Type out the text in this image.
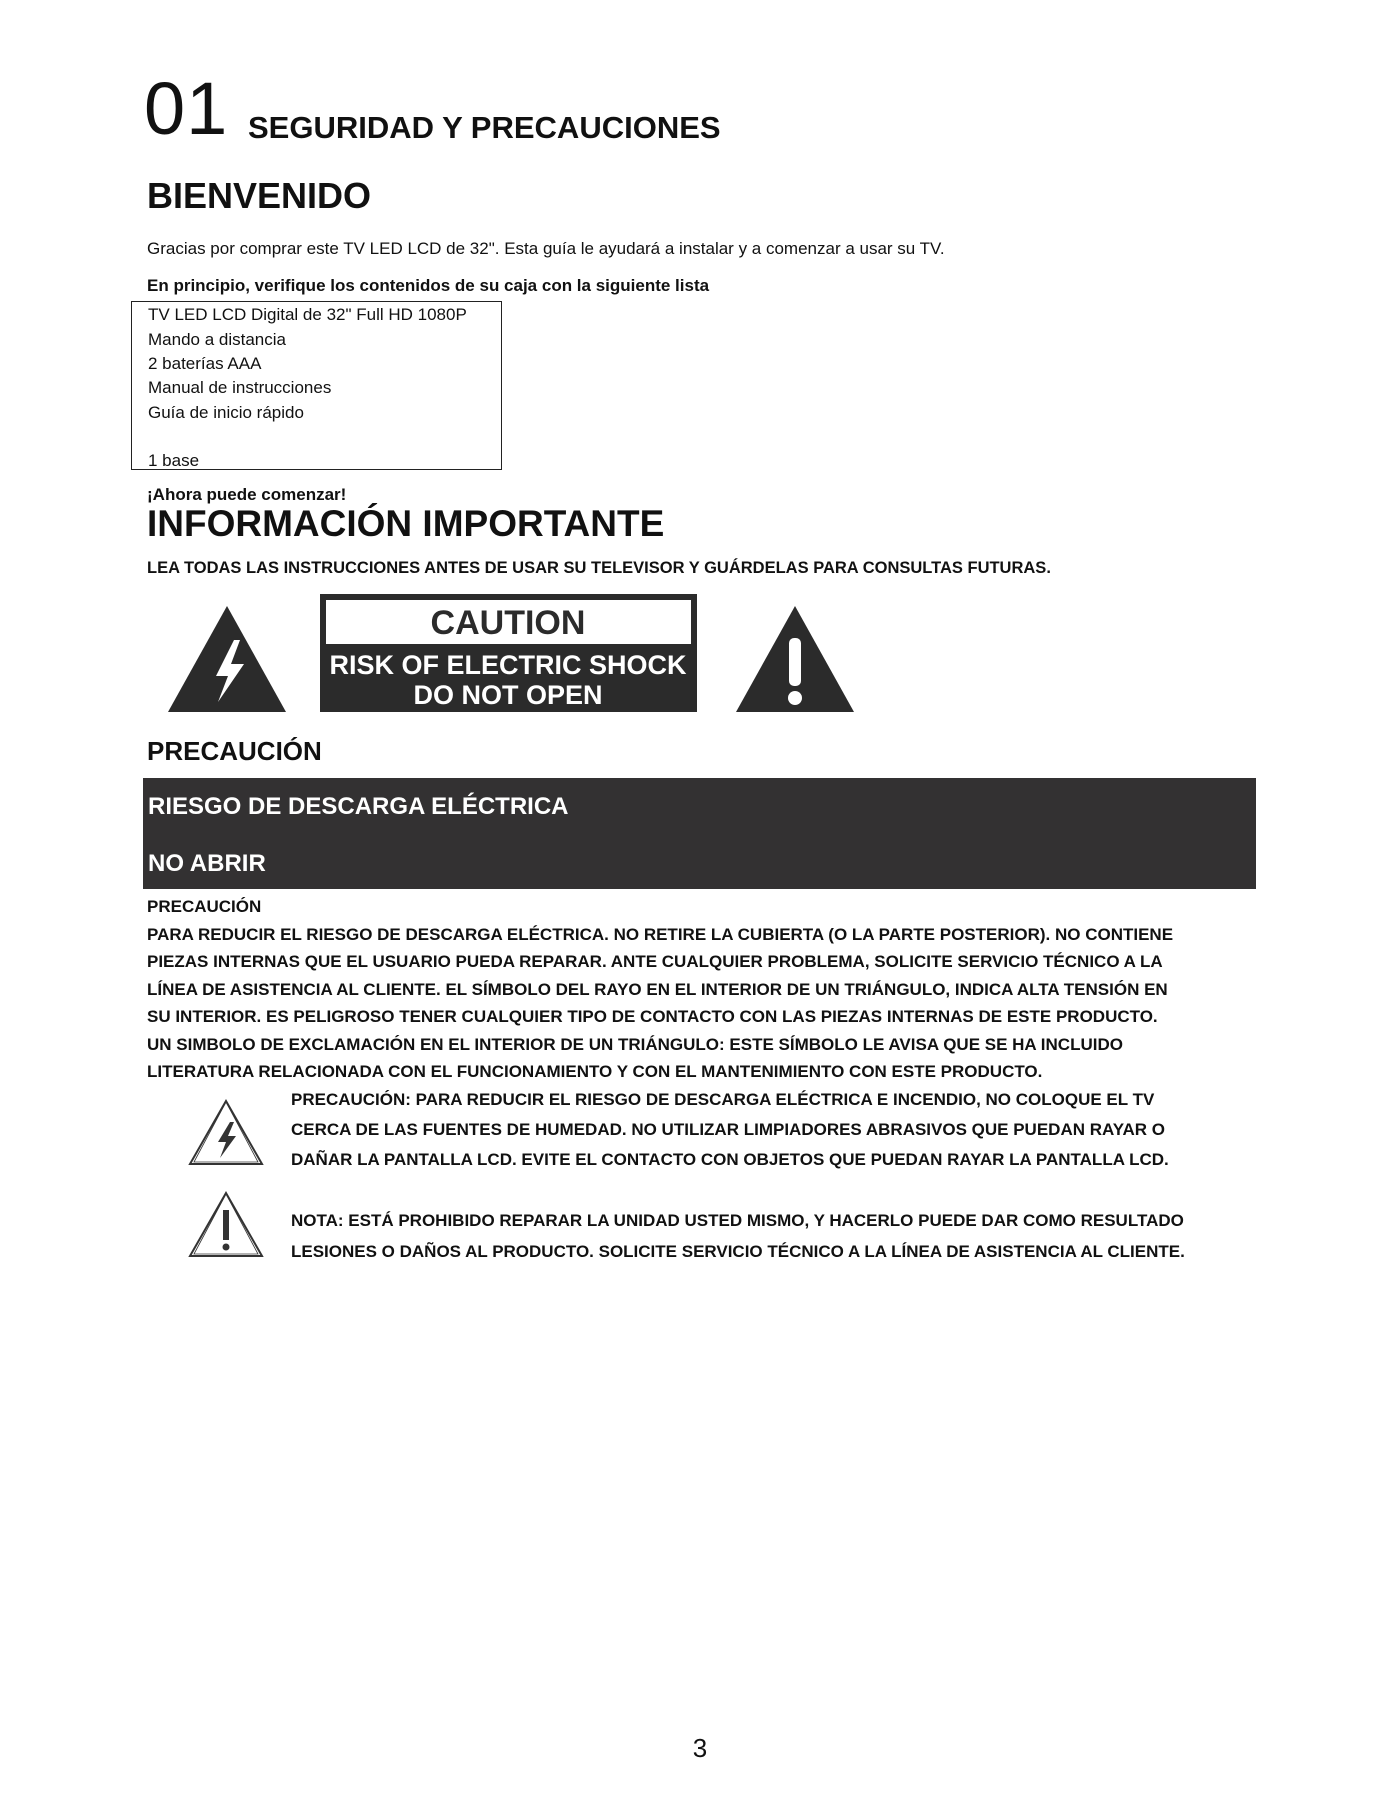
01 SEGURIDAD Y PRECAUCIONES
BIENVENIDO
Gracias por comprar este TV LED LCD de 32". Esta guía le ayudará a instalar y a comenzar a usar su TV.
En principio, verifique los contenidos de su caja con la siguiente lista
TV LED LCD Digital de 32" Full HD 1080P
Mando a distancia
2 baterías AAA
Manual de instrucciones
Guía de inicio rápido
1 base
¡Ahora puede comenzar!
INFORMACIÓN IMPORTANTE
LEA TODAS LAS INSTRUCCIONES ANTES DE USAR SU TELEVISOR Y GUÁRDELAS PARA CONSULTAS FUTURAS.
CAUTION
RISK OF ELECTRIC SHOCK
DO NOT OPEN
PRECAUCIÓN
RIESGO DE DESCARGA ELÉCTRICA
NO ABRIR
PRECAUCIÓN
PARA REDUCIR EL RIESGO DE DESCARGA ELÉCTRICA. NO RETIRE LA CUBIERTA (O LA PARTE POSTERIOR). NO CONTIENE
PIEZAS INTERNAS QUE EL USUARIO PUEDA REPARAR. ANTE CUALQUIER PROBLEMA, SOLICITE SERVICIO TÉCNICO A LA
LÍNEA DE ASISTENCIA AL CLIENTE. EL SÍMBOLO DEL RAYO EN EL INTERIOR DE UN TRIÁNGULO, INDICA ALTA TENSIÓN EN
SU INTERIOR. ES PELIGROSO TENER CUALQUIER TIPO DE CONTACTO CON LAS PIEZAS INTERNAS DE ESTE PRODUCTO.
UN SIMBOLO DE EXCLAMACIÓN EN EL INTERIOR DE UN TRIÁNGULO: ESTE SÍMBOLO LE AVISA QUE SE HA INCLUIDO
LITERATURA RELACIONADA CON EL FUNCIONAMIENTO Y CON EL MANTENIMIENTO CON ESTE PRODUCTO.
PRECAUCIÓN: PARA REDUCIR EL RIESGO DE DESCARGA ELÉCTRICA E INCENDIO, NO COLOQUE EL TV
CERCA DE LAS FUENTES DE HUMEDAD. NO UTILIZAR LIMPIADORES ABRASIVOS QUE PUEDAN RAYAR O
DAÑAR LA PANTALLA LCD. EVITE EL CONTACTO CON OBJETOS QUE PUEDAN RAYAR LA PANTALLA LCD.
NOTA: ESTÁ PROHIBIDO REPARAR LA UNIDAD USTED MISMO, Y HACERLO PUEDE DAR COMO RESULTADO
LESIONES O DAÑOS AL PRODUCTO. SOLICITE SERVICIO TÉCNICO A LA LÍNEA DE ASISTENCIA AL CLIENTE.
3
